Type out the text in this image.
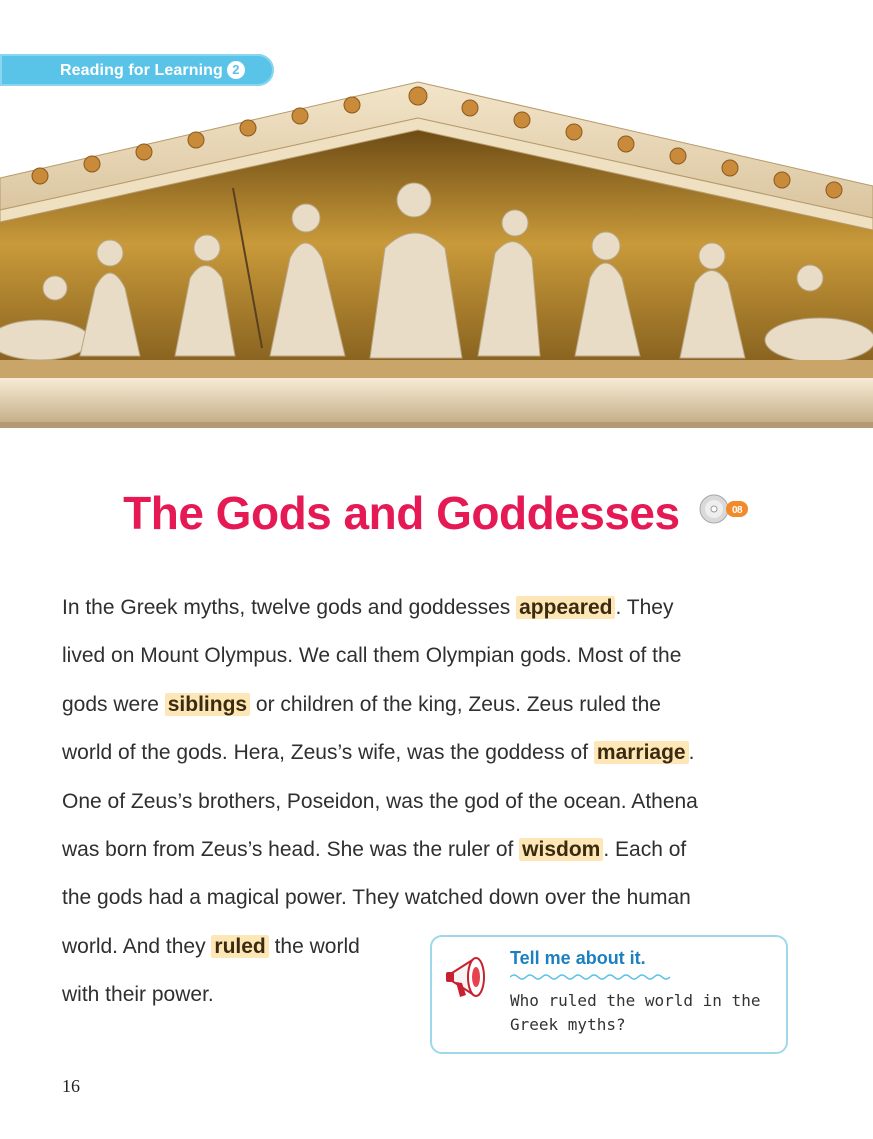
Reading for Learning 2
The Gods and Goddesses	08

In the Greek myths, twelve gods and goddesses appeared . They

lived on Mount Olympus. We call them Olympian gods. Most of the

gods were siblings or children of the king, Zeus. Zeus ruled the

world of the gods. Hera, Zeus’s wife, was the goddess of marriage .

One of Zeus’s brothers, Poseidon, was the god of the ocean. Athena

was born from Zeus’s head. She was the ruler of wisdom . Each of

the gods had a magical power. They watched down over the human

world. And they ruled the world

with their power.

Tell me about it.
Who ruled the world in the Greek myths?
16
